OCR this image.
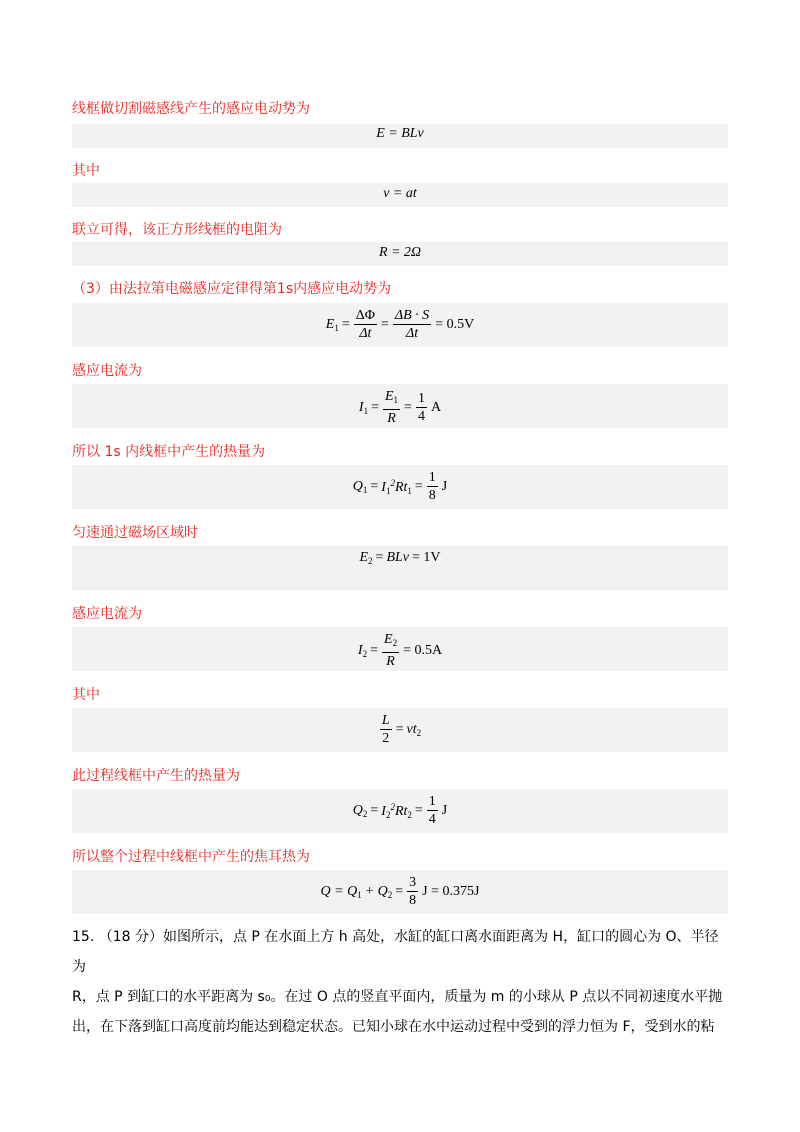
线框做切割磁感线产生的感应电动势为
E = BLv
其中
v = at
联立可得，该正方形线框的电阻为
R = 2Ω
（3）由法拉第电磁感应定律得第1s内感应电动势为
$E_1 = \frac{\Delta\Phi}{\Delta t} = \frac{\Delta B \cdot S}{\Delta t} = 0.5V$
感应电流为
$I_1 = \frac{E_1}{R} = \frac{1}{4}$ A
所以 1s 内线框中产生的热量为
$Q_1 = I_1^2Rt_1 = \frac{1}{8}$ J
匀速通过磁场区域时
$E_2$ = BLv = 1V
感应电流为
$I_2 = \frac{E_2}{R} = 0.5A$
其中
$\frac{L}{2} = vt_2$
此过程线框中产生的热量为
$Q_2 = I_2^2Rt_2 = \frac{1}{4}$ J
所以整个过程中线框中产生的焦耳热为
$Q = Q_1 + Q_2 = \frac{3}{8}$ J = 0.375J
15. （18 分）如图所示，点 P 在水面上方 h 高处，水缸的缸口离水面距离为 H，缸口的圆心为 O、半径为
R，点 P 到缸口的水平距离为 s₀。在过 O 点的竖直平面内，质量为 m 的小球从 P 点以不同初速度水平抛
出，在下落到缸口高度前均能达到稳定状态。已知小球在水中运动过程中受到的浮力恒为 F，受到水的粘
